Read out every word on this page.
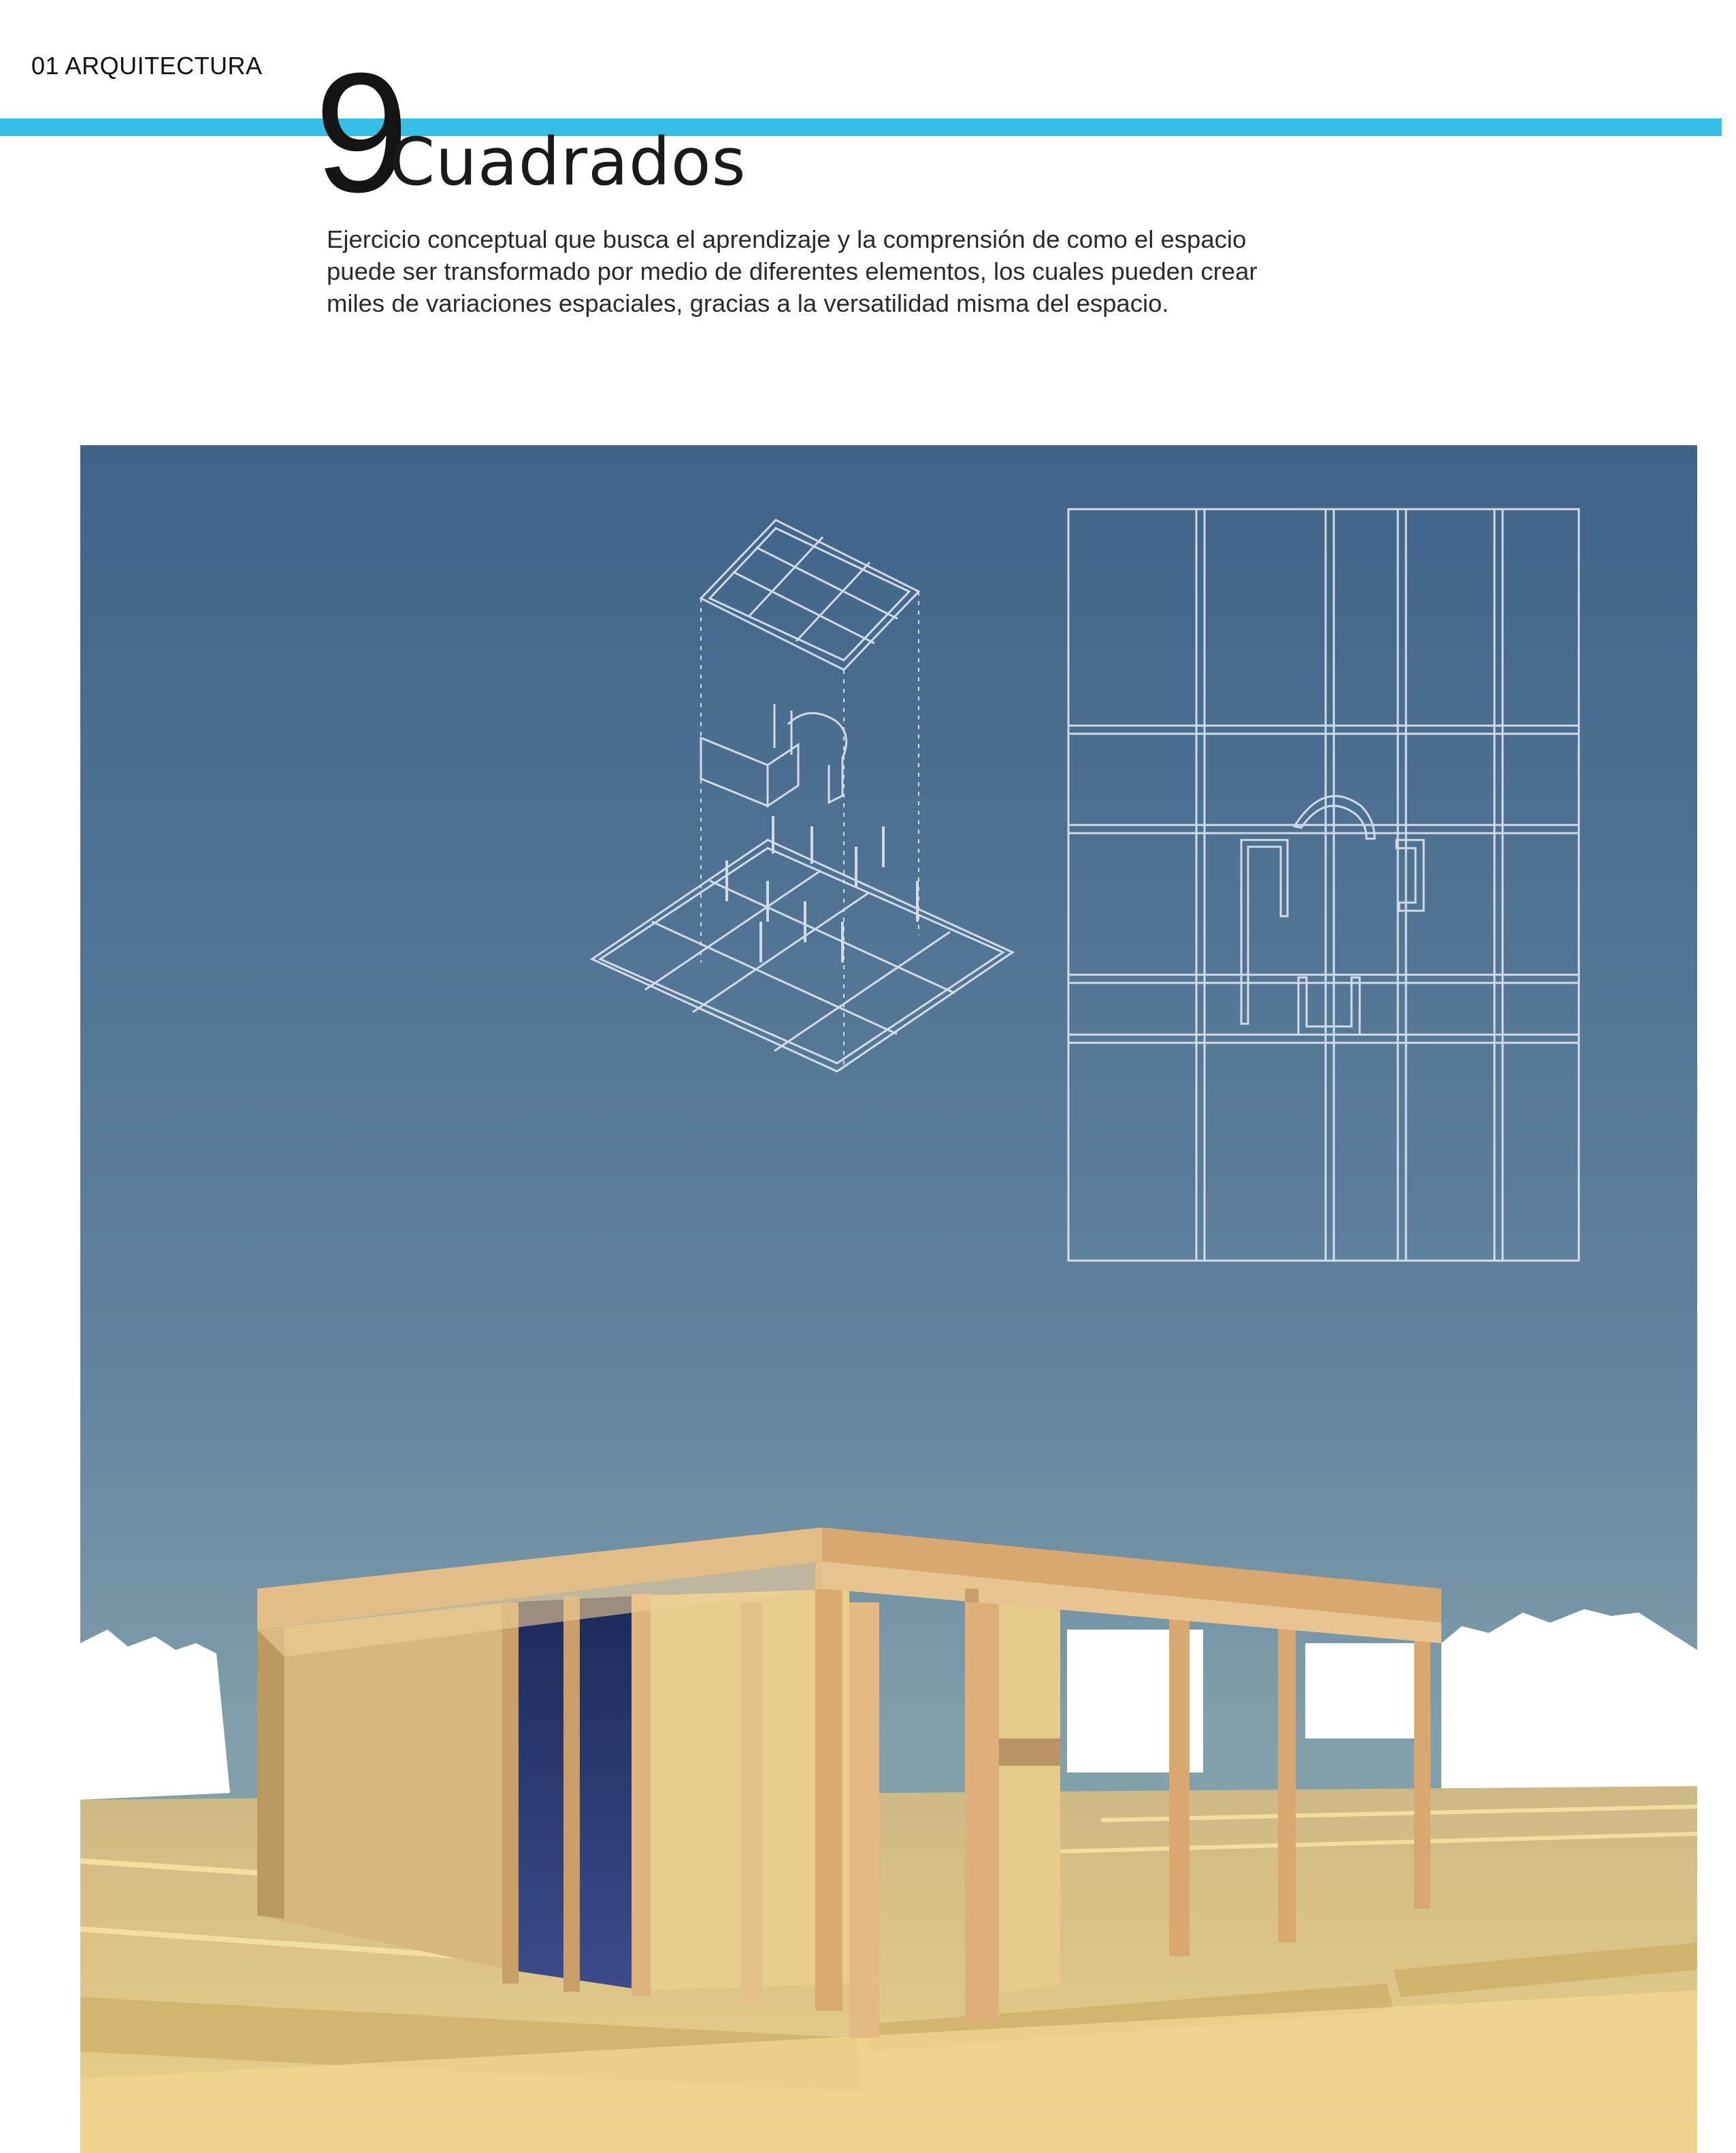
01 ARQUITECTURA 9
Cuadrados
Ejercicio conceptual que busca el aprendizaje y la comprensión de como el espacio
puede ser transformado por medio de diferentes elementos, los cuales pueden crear
miles de variaciones espaciales, gracias a la versatilidad misma del espacio.
